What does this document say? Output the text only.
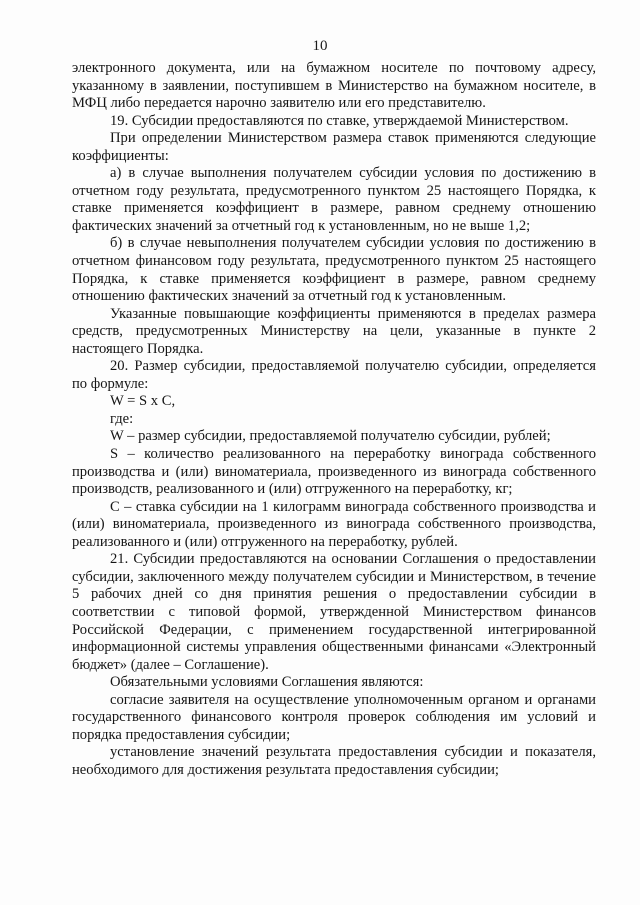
10

электронного документа, или на бумажном носителе по почтовому адресу, указанному в заявлении, поступившем в Министерство на бумажном носителе, в МФЦ либо передается нарочно заявителю или его представителю.

19. Субсидии предоставляются по ставке, утверждаемой Министерством.

При определении Министерством размера ставок применяются следующие коэффициенты:

а) в случае выполнения получателем субсидии условия по достижению в отчетном году результата, предусмотренного пунктом 25 настоящего Порядка, к ставке применяется коэффициент в размере, равном среднему отношению фактических значений за отчетный год к установленным, но не выше 1,2;

б) в случае невыполнения получателем субсидии условия по достижению в отчетном финансовом году результата, предусмотренного пунктом 25 настоящего Порядка, к ставке применяется коэффициент в размере, равном среднему отношению фактических значений за отчетный год к установленным.

Указанные повышающие коэффициенты применяются в пределах размера средств, предусмотренных Министерству на цели, указанные в пункте 2 настоящего Порядка.

20. Размер субсидии, предоставляемой получателю субсидии, определяется по формуле:

W = S x C,

где:

W – размер субсидии, предоставляемой получателю субсидии, рублей;

S – количество реализованного на переработку винограда собственного производства и (или) виноматериала, произведенного из винограда собственного производств, реализованного и (или) отгруженного на переработку, кг;

C – ставка субсидии на 1 килограмм винограда собственного производства и (или) виноматериала, произведенного из винограда собственного производства, реализованного и (или) отгруженного на переработку, рублей.

21. Субсидии предоставляются на основании Соглашения о предоставлении субсидии, заключенного между получателем субсидии и Министерством, в течение 5 рабочих дней со дня принятия решения о предоставлении субсидии в соответствии с типовой формой, утвержденной Министерством финансов Российской Федерации, с применением государственной интегрированной информационной системы управления общественными финансами «Электронный бюджет» (далее – Соглашение).

Обязательными условиями Соглашения являются:

согласие заявителя на осуществление уполномоченным органом и органами государственного финансового контроля проверок соблюдения им условий и порядка предоставления субсидии;

установление значений результата предоставления субсидии и показателя, необходимого для достижения результата предоставления субсидии;
